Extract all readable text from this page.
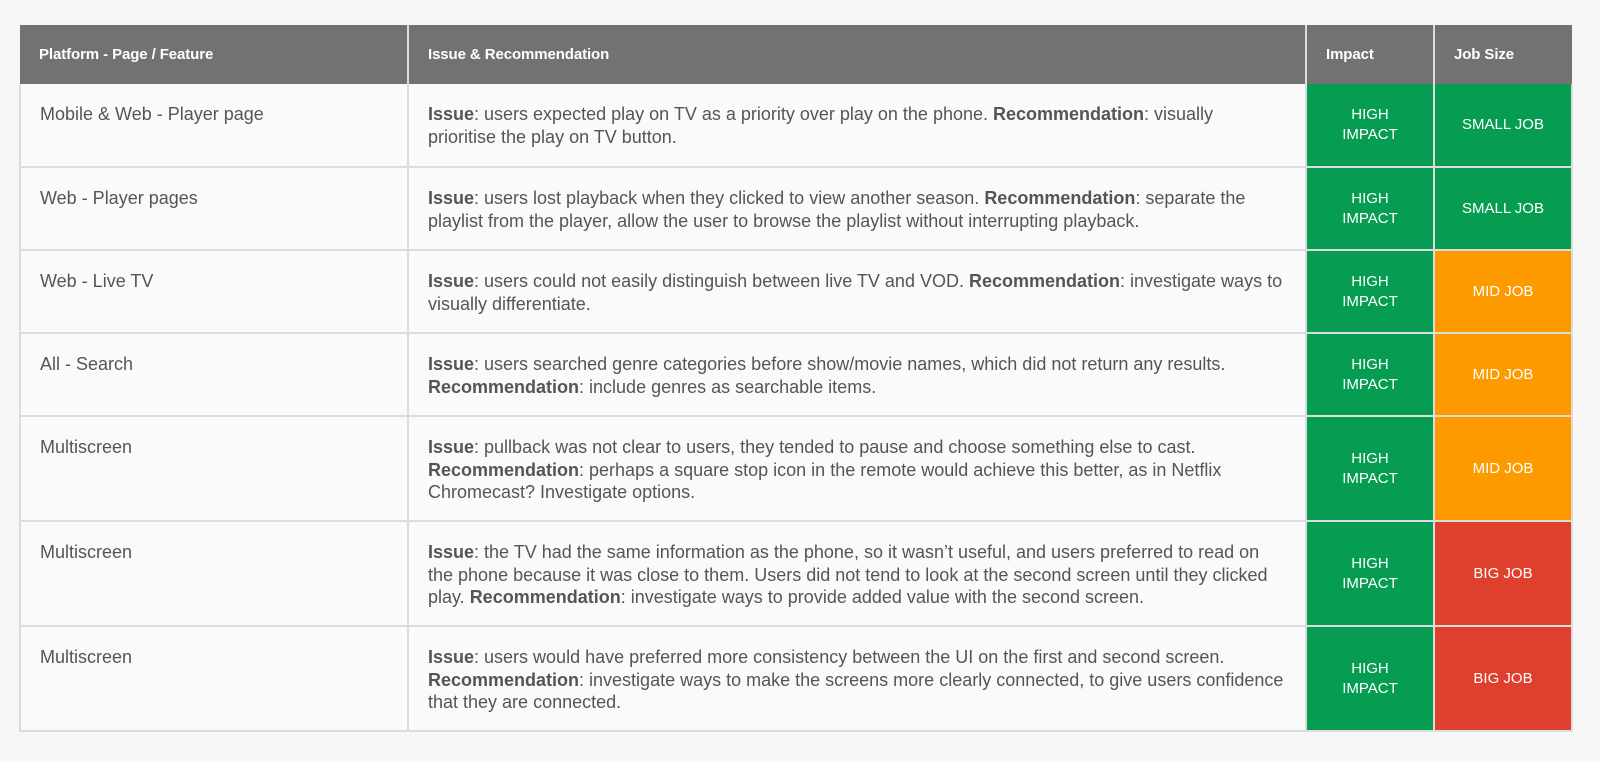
Platform - Page / Feature	Issue & Recommendation	Impact	Job Size
Mobile & Web - Player page	Issue: users expected play on TV as a priority over play on the phone. Recommendation: visually prioritise the play on TV button.	HIGH IMPACT	SMALL JOB
Web - Player pages	Issue: users lost playback when they clicked to view another season. Recommendation: separate the playlist from the player, allow the user to browse the playlist without interrupting playback.	HIGH IMPACT	SMALL JOB
Web - Live TV	Issue: users could not easily distinguish between live TV and VOD. Recommendation: investigate ways to visually differentiate.	HIGH IMPACT	MID JOB
All - Search	Issue: users searched genre categories before show/movie names, which did not return any results. Recommendation: include genres as searchable items.	HIGH IMPACT	MID JOB
Multiscreen	Issue: pullback was not clear to users, they tended to pause and choose something else to cast. Recommendation: perhaps a square stop icon in the remote would achieve this better, as in Netflix Chromecast? Investigate options.	HIGH IMPACT	MID JOB
Multiscreen	Issue: the TV had the same information as the phone, so it wasn’t useful, and users preferred to read on the phone because it was close to them. Users did not tend to look at the second screen until they clicked play. Recommendation: investigate ways to provide added value with the second screen.	HIGH IMPACT	BIG JOB
Multiscreen	Issue: users would have preferred more consistency between the UI on the first and second screen. Recommendation: investigate ways to make the screens more clearly connected, to give users confidence that they are connected.	HIGH IMPACT	BIG JOB
